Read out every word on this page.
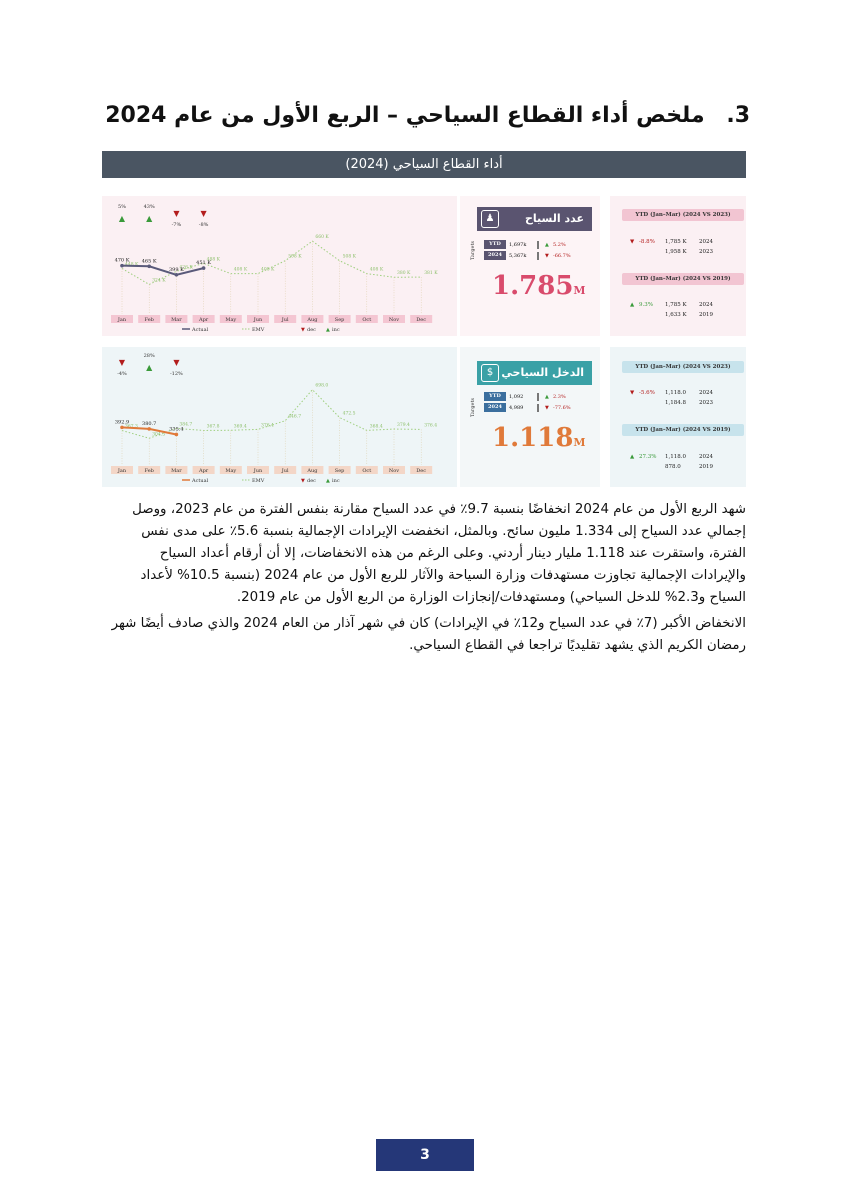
3. ملخص أداء القطاع السياحي – الربع الأول من عام 2024
أداء القطاع السياحي (2024)
▲
5%
▲
43%
▼
-7%
▼
-8%
448 K
324 K
426 K
488 K
408 K	408 K
508 K
660 K
508 K
408 K
380 K	381 K
470 K 465 K
399 K
451 K
Jan	Feb	Mar	Apr	May	Jun	Jul	Aug	Sep	Oct	Nov	Dec
▼	▲
Actual	EMV	dec	inc
عدد السياح
♟
Targets	YTD	1,697k	▲ 5.2%
2024	5,367k	▼ -66.7%
1.785M
YTD (Jan–Mar) (2024 VS 2023)
▼ -8.8%	1,785 K	2024
1,958 K	2023
YTD (Jan–Mar) (2024 VS 2019)
▲ 9.3%	1,785 K	2024
1,633 K	2019
▼
-4%
▲
28%
▼
-12%
367.3
304.5
384.7	367.8	369.4	376.4
446.7
698.0
472.5
368.4	379.4	376.4
392.9	380.7
335.4
Jan	Feb	Mar	Apr	May	Jun	Jul	Aug	Sep	Oct	Nov	Dec
▼	▲
Actual	EMV	dec	inc
الدخل السياحي
$
Targets
YTD	1,092	▲ 2.3%
2024	4,989	▼ -77.6%
1.118M
YTD (Jan–Mar) (2024 VS 2023)
▼ -5.6%	1,118.0	2024
1,184.8	2023
YTD (Jan–Mar) (2024 VS 2019)
▲ 27.3%	1,118.0	2024
878.0	2019
شهد الربع الأول من عام 2024 انخفاضًا بنسبة 9.7٪ في عدد السياح مقارنة بنفس الفترة من عام 2023، ووصل إجمالي عدد السياح إلى 1.334 مليون سائح. وبالمثل، انخفضت الإيرادات الإجمالية بنسبة 5.6٪ على مدى نفس الفترة، واستقرت عند 1.118 مليار دينار أردني. وعلى الرغم من هذه الانخفاضات، إلا أن أرقام أعداد السياح والإيرادات الإجمالية تجاوزت مستهدفات وزارة السياحة والآثار للربع الأول من عام 2024 (بنسبة 10.5% لأعداد السياح و2.3% للدخل السياحي) ومستهدفات/إنجازات الوزارة من الربع الأول من عام 2019.
الانخفاض الأكبر (7٪ في عدد السياح و12٪ في الإيرادات) كان في شهر آذار من العام 2024 والذي صادف أيضًا شهر رمضان الكريم الذي يشهد تقليديًا تراجعا في القطاع السياحي.
3
